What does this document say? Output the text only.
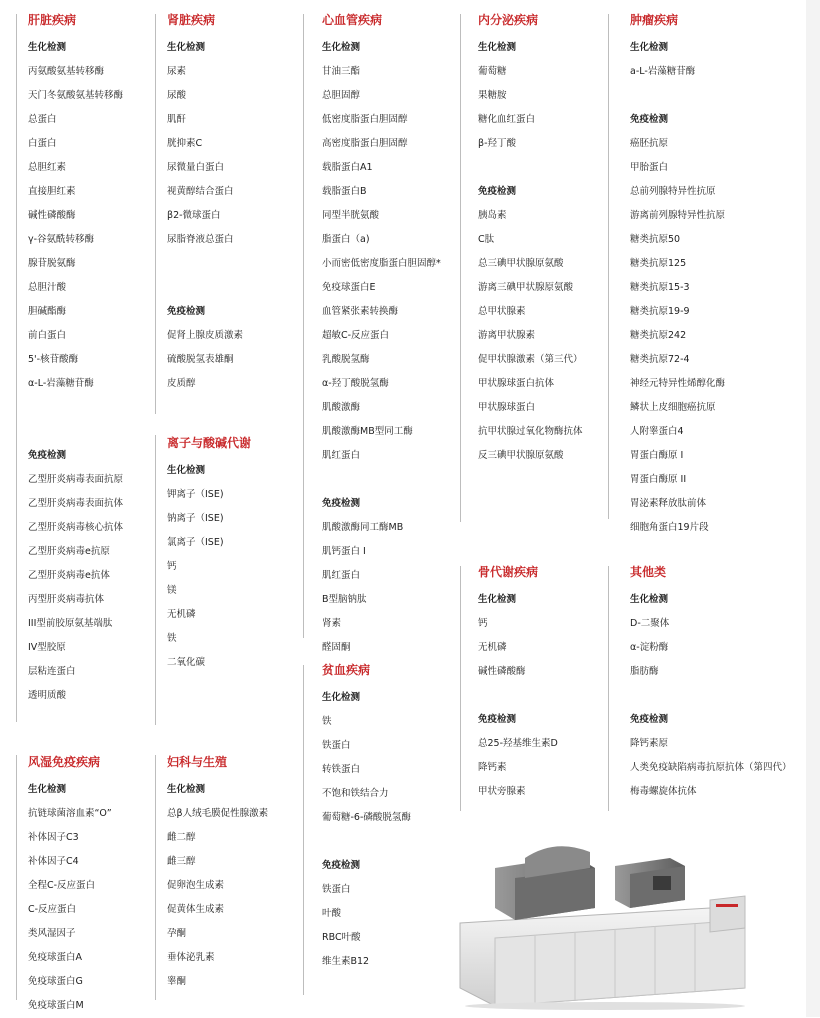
肝脏疾病
生化检测
丙氨酸氨基转移酶
天门冬氨酸氨基转移酶
总蛋白
白蛋白
总胆红素
直接胆红素
碱性磷酸酶
γ-谷氨酰转移酶
腺苷脱氨酶
总胆汁酸
胆碱酯酶
前白蛋白
5'-核苷酸酶
α-L-岩藻糖苷酶
免疫检测
乙型肝炎病毒表面抗原
乙型肝炎病毒表面抗体
乙型肝炎病毒核心抗体
乙型肝炎病毒e抗原
乙型肝炎病毒e抗体
丙型肝炎病毒抗体
III型前胶原氨基端肽
IV型胶原
层粘连蛋白
透明质酸
风湿免疫疾病
生化检测
抗链球菌溶血素“O”
补体因子C3
补体因子C4
全程C-反应蛋白
C-反应蛋白
类风湿因子
免疫球蛋白A
免疫球蛋白G
免疫球蛋白M
肾脏疾病
生化检测
尿素
尿酸
肌酐
胱抑素C
尿微量白蛋白
视黄醇结合蛋白
β2-微球蛋白
尿脂脊液总蛋白
免疫检测
促肾上腺皮质激素
硫酸脱氢表雄酮
皮质醇
离子与酸碱代谢
生化检测
钾离子（ISE)
钠离子（ISE)
氯离子（ISE)
钙
镁
无机磷
铁
二氧化碳
妇科与生殖
生化检测
总β人绒毛膜促性腺激素
雌二醇
雌三醇
促卵泡生成素
促黄体生成素
孕酮
垂体泌乳素
睾酮
心血管疾病
生化检测
甘油三酯
总胆固醇
低密度脂蛋白胆固醇
高密度脂蛋白胆固醇
载脂蛋白A1
载脂蛋白B
同型半胱氨酸
脂蛋白（a)
小而密低密度脂蛋白胆固醇*
免疫球蛋白E
血管紧张素转换酶
超敏C-反应蛋白
乳酸脱氢酶
α-羟丁酸脱氢酶
肌酸激酶
肌酸激酶MB型同工酶
肌红蛋白
免疫检测
肌酸激酶同工酶MB
肌钙蛋白 I
肌红蛋白
B型脑钠肽
肾素
醛固酮
贫血疾病
生化检测
铁
铁蛋白
转铁蛋白
不饱和铁结合力
葡萄糖-6-磷酸脱氢酶
免疫检测
铁蛋白
叶酸
RBC叶酸
维生素B12
内分泌疾病
生化检测
葡萄糖
果糖胺
糖化血红蛋白
β-羟丁酸
免疫检测
胰岛素
C肽
总三碘甲状腺原氨酸
游离三碘甲状腺原氨酸
总甲状腺素
游离甲状腺素
促甲状腺激素（第三代）
甲状腺球蛋白抗体
甲状腺球蛋白
抗甲状腺过氧化物酶抗体
反三碘甲状腺原氨酸
骨代谢疾病
生化检测
钙
无机磷
碱性磷酸酶
免疫检测
总25-羟基维生素D
降钙素
甲状旁腺素
肿瘤疾病
生化检测
a-L-岩藻糖苷酶
免疫检测
癌胚抗原
甲胎蛋白
总前列腺特异性抗原
游离前列腺特异性抗原
糖类抗原50
糖类抗原125
糖类抗原15-3
糖类抗原19-9
糖类抗原242
糖类抗原72-4
神经元特异性烯醇化酶
鳞状上皮细胞癌抗原
人附睾蛋白4
胃蛋白酶原 I
胃蛋白酶原 II
胃泌素释放肽前体
细胞角蛋白19片段
其他类
生化检测
D-二聚体
α-淀粉酶
脂肪酶
免疫检测
降钙素原
人类免疫缺陷病毒抗原抗体（第四代）
梅毒螺旋体抗体
